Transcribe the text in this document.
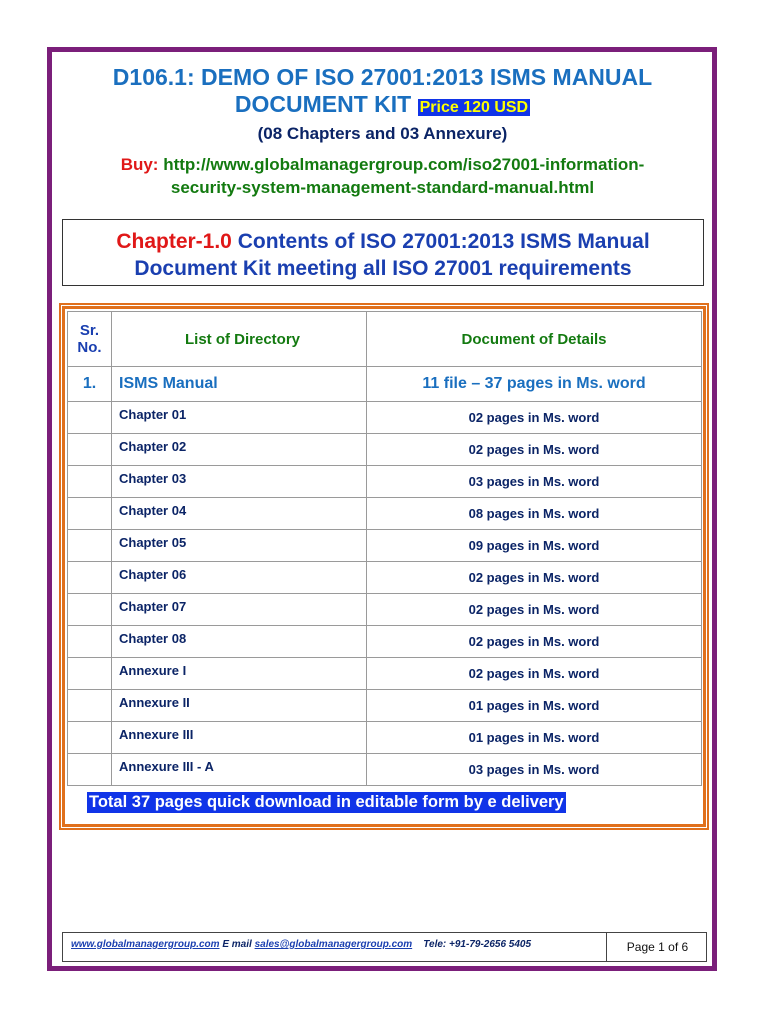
D106.1: DEMO OF ISO 27001:2013 ISMS MANUAL
DOCUMENT KIT Price 120 USD
(08 Chapters and 03 Annexure)
Buy: http://www.globalmanagergroup.com/iso27001-information-
security-system-management-standard-manual.html
Chapter-1.0 Contents of ISO 27001:2013 ISMS Manual
Document Kit meeting all ISO 27001 requirements
Sr. No.	List of Directory	Document of Details
1.	ISMS Manual	11 file – 37 pages in Ms. word
	Chapter 01	02 pages in Ms. word
	Chapter 02	02 pages in Ms. word
	Chapter 03	03 pages in Ms. word
	Chapter 04	08 pages in Ms. word
	Chapter 05	09 pages in Ms. word
	Chapter 06	02 pages in Ms. word
	Chapter 07	02 pages in Ms. word
	Chapter 08	02 pages in Ms. word
	Annexure I	02 pages in Ms. word
	Annexure II	01 pages in Ms. word
	Annexure III	01 pages in Ms. word
	Annexure III - A	03 pages in Ms. word
Total 37 pages quick download in editable form by e delivery
www.globalmanagergroup.com E mail sales@globalmanagergroup.com Tele: +91-79-2656 5405	Page 1 of 6
